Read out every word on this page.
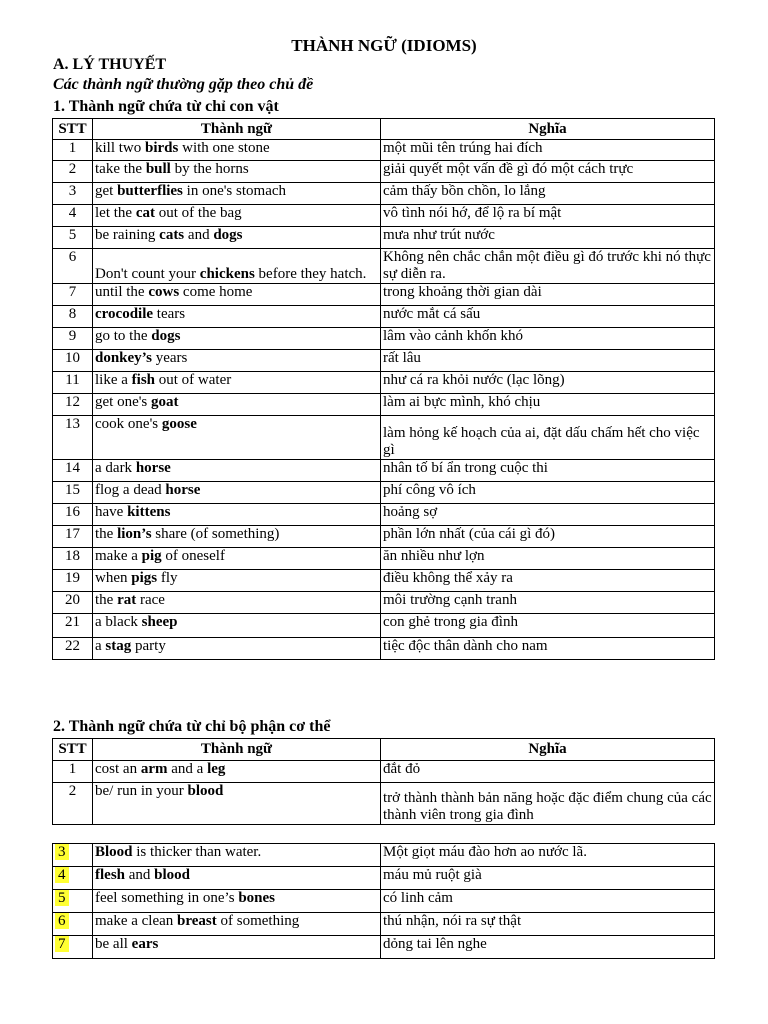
THÀNH NGỮ (IDIOMS)
A. LÝ THUYẾT
Các thành ngữ thường gặp theo chủ đề
1. Thành ngữ chứa từ chỉ con vật
STT	Thành ngữ	Nghĩa
1	kill two birds with one stone	một mũi tên trúng hai đích
2	take the bull by the horns	giải quyết một vấn đề gì đó một cách trực
3	get butterflies in one's stomach	cảm thấy bồn chồn, lo lắng
4	let the cat out of the bag	vô tình nói hớ, để lộ ra bí mật
5	be raining cats and dogs	mưa như trút nước
6	Don't count your chickens before they hatch.	Không nên chắc chắn một điều gì đó trước khi nó thực sự diễn ra.
7	until the cows come home	trong khoảng thời gian dài
8	crocodile tears	nước mắt cá sấu
9	go to the dogs	lâm vào cảnh khốn khó
10	donkey’s years	rất lâu
11	like a fish out of water	như cá ra khỏi nước (lạc lõng)
12	get one's goat	làm ai bực mình, khó chịu
13	cook one's goose	làm hỏng kế hoạch của ai, đặt dấu chấm hết cho việc gì
14	a dark horse	nhân tố bí ẩn trong cuộc thi
15	flog a dead horse	phí công vô ích
16	have kittens	hoảng sợ
17	the lion’s share (of something)	phần lớn nhất (của cái gì đó)
18	make a pig of oneself	ăn nhiều như lợn
19	when pigs fly	điều không thể xảy ra
20	the rat race	môi trường cạnh tranh
21	a black sheep	con ghẻ trong gia đình
22	a stag party	tiệc độc thân dành cho nam
2. Thành ngữ chứa từ chỉ bộ phận cơ thể
STT	Thành ngữ	Nghĩa
1	cost an arm and a leg	đắt đỏ
2	be/ run in your blood	trở thành thành bản năng hoặc đặc điểm chung của các thành viên trong gia đình
3	Blood is thicker than water.	Một giọt máu đào hơn ao nước lã.
4	flesh and blood	máu mủ ruột già
5	feel something in one’s bones	có linh cảm
6	make a clean breast of something	thú nhận, nói ra sự thật
7	be all ears	dỏng tai lên nghe
